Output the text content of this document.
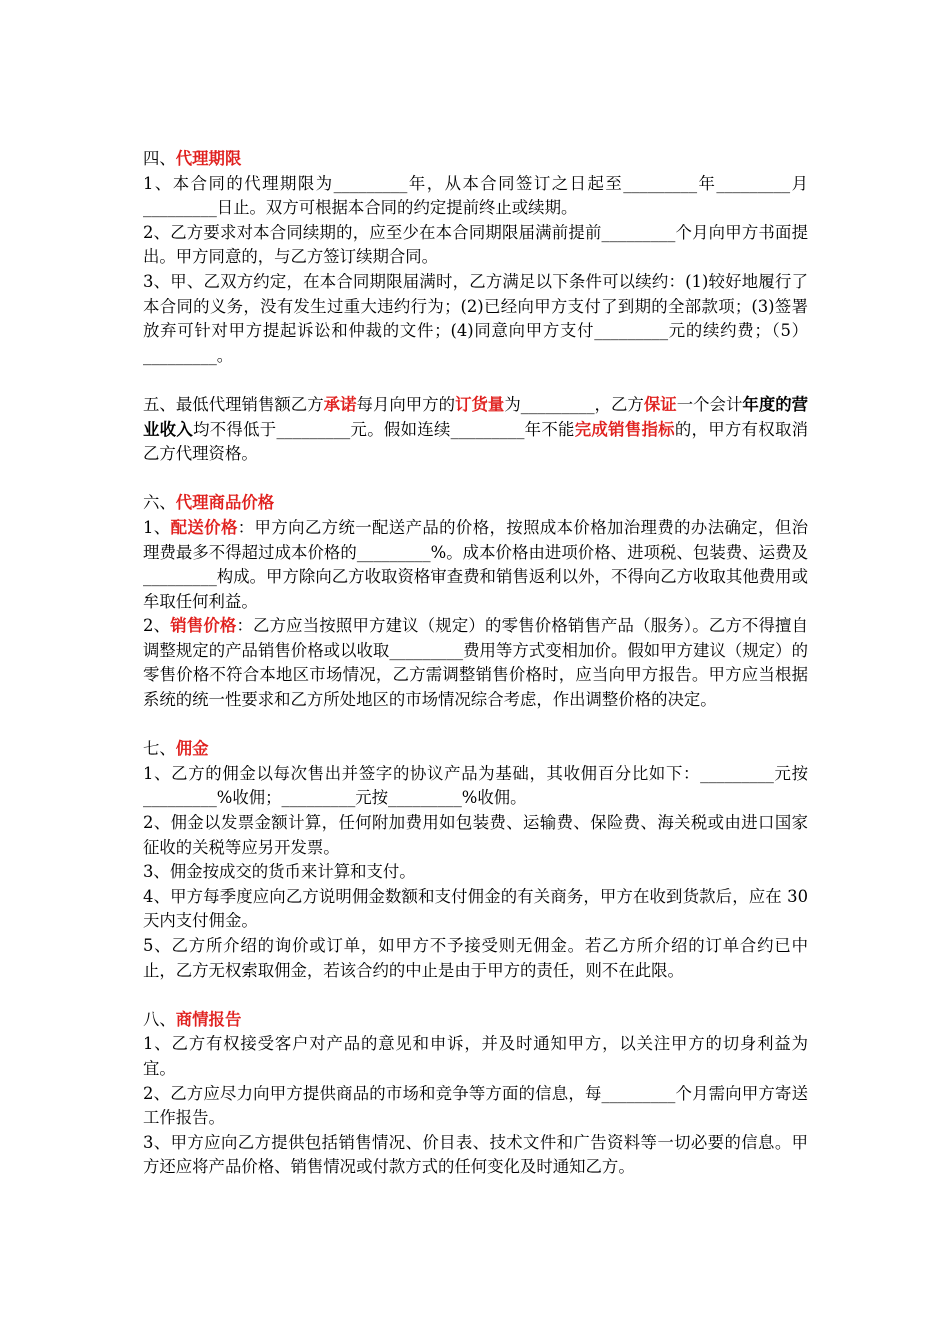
四、代理期限

1、本合同的代理期限为_________年，从本合同签订之日起至_________年_________月_________日止。双方可根据本合同的约定提前终止或续期。

2、乙方要求对本合同续期的，应至少在本合同期限届满前提前_________个月向甲方书面提出。甲方同意的，与乙方签订续期合同。

3、甲、乙双方约定，在本合同期限届满时，乙方满足以下条件可以续约：(1)较好地履行了本合同的义务，没有发生过重大违约行为；(2)已经向甲方支付了到期的全部款项；(3)签署放弃可针对甲方提起诉讼和仲裁的文件；(4)同意向甲方支付_________元的续约费；（5）_________。

五、最低代理销售额乙方承诺每月向甲方的订货量为_________，乙方保证一个会计年度的营业收入均不得低于_________元。假如连续_________年不能完成销售指标的，甲方有权取消乙方代理资格。

六、代理商品价格

1、配送价格：甲方向乙方统一配送产品的价格，按照成本价格加治理费的办法确定，但治理费最多不得超过成本价格的_________%。成本价格由进项价格、进项税、包装费、运费及_________构成。甲方除向乙方收取资格审查费和销售返利以外，不得向乙方收取其他费用或牟取任何利益。

2、销售价格：乙方应当按照甲方建议（规定）的零售价格销售产品（服务）。乙方不得擅自调整规定的产品销售价格或以收取_________费用等方式变相加价。假如甲方建议（规定）的零售价格不符合本地区市场情况，乙方需调整销售价格时，应当向甲方报告。甲方应当根据系统的统一性要求和乙方所处地区的市场情况综合考虑，作出调整价格的决定。

七、佣金

1、乙方的佣金以每次售出并签字的协议产品为基础，其收佣百分比如下：_________元按_________%收佣；_________元按_________%收佣。

2、佣金以发票金额计算，任何附加费用如包装费、运输费、保险费、海关税或由进口国家征收的关税等应另开发票。

3、佣金按成交的货币来计算和支付。

4、甲方每季度应向乙方说明佣金数额和支付佣金的有关商务，甲方在收到货款后，应在 30 天内支付佣金。

5、乙方所介绍的询价或订单，如甲方不予接受则无佣金。若乙方所介绍的订单合约已中止，乙方无权索取佣金，若该合约的中止是由于甲方的责任，则不在此限。

八、商情报告

1、乙方有权接受客户对产品的意见和申诉，并及时通知甲方，以关注甲方的切身利益为宜。

2、乙方应尽力向甲方提供商品的市场和竞争等方面的信息，每_________个月需向甲方寄送工作报告。

3、甲方应向乙方提供包括销售情况、价目表、技术文件和广告资料等一切必要的信息。甲方还应将产品价格、销售情况或付款方式的任何变化及时通知乙方。
